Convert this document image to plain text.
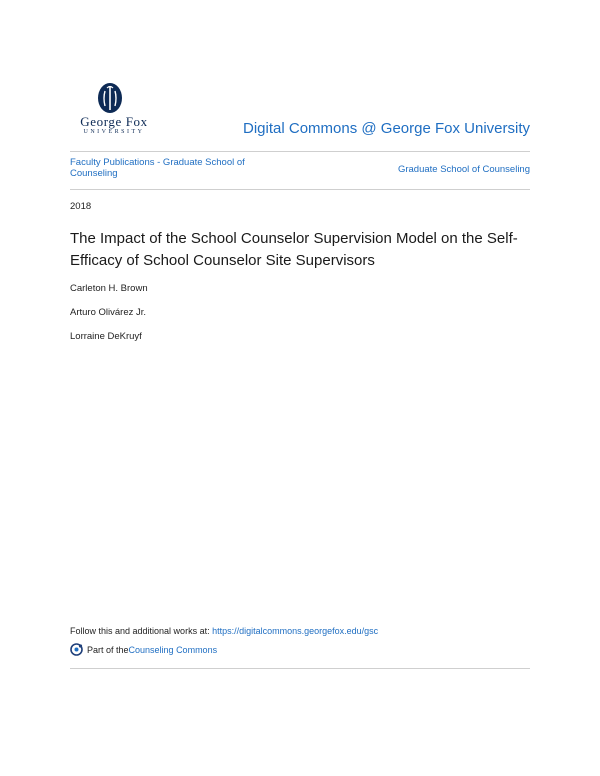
George Fox
UNIVERSITY	Digital Commons @ George Fox University
Faculty Publications - Graduate School of Counseling	Graduate School of Counseling
2018
The Impact of the School Counselor Supervision Model on the Self-Efficacy of School Counselor Site Supervisors
Carleton H. Brown
Arturo Olivárez Jr.
Lorraine DeKruyf
Follow this and additional works at: https://digitalcommons.georgefox.edu/gsc
Part of the Counseling Commons
